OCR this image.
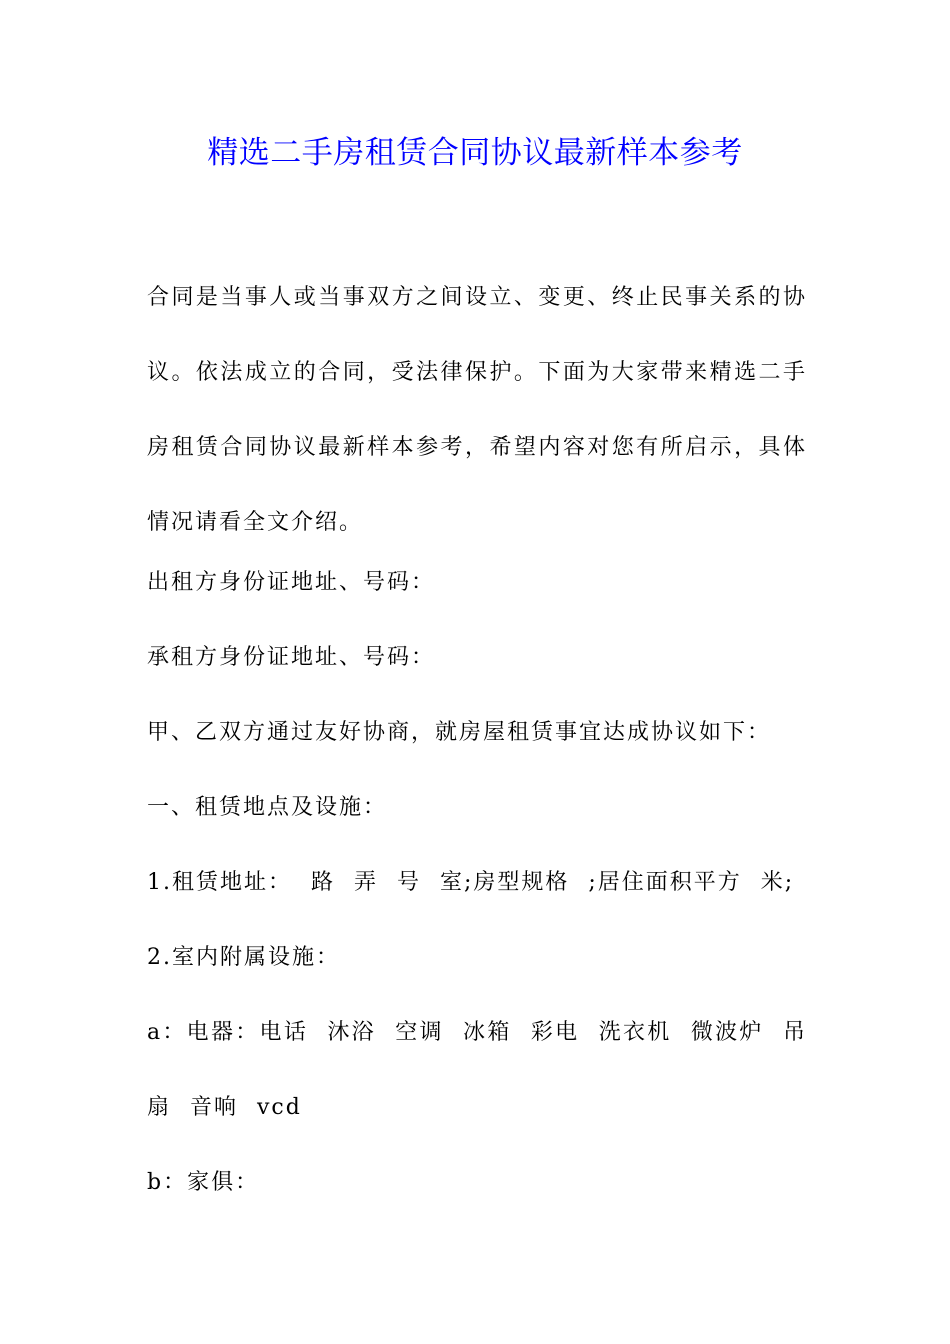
精选二手房租赁合同协议最新样本参考

合同是当事人或当事双方之间设立、变更、终止民事关系的协议。依法成立的合同，受法律保护。下面为大家带来精选二手房租赁合同协议最新样本参考，希望内容对您有所启示，具体情况请看全文介绍。

出租方身份证地址、号码：

承租方身份证地址、号码：

甲、乙双方通过友好协商，就房屋租赁事宜达成协议如下：

一、租赁地点及设施：

1.租赁地址： 路 弄 号 室;房型规格 ;居住面积平方 米;

2.室内附属设施：

a：电器：电话 沐浴 空调 冰箱 彩电 洗衣机 微波炉 吊扇 音响 vcd

b：家俱：
